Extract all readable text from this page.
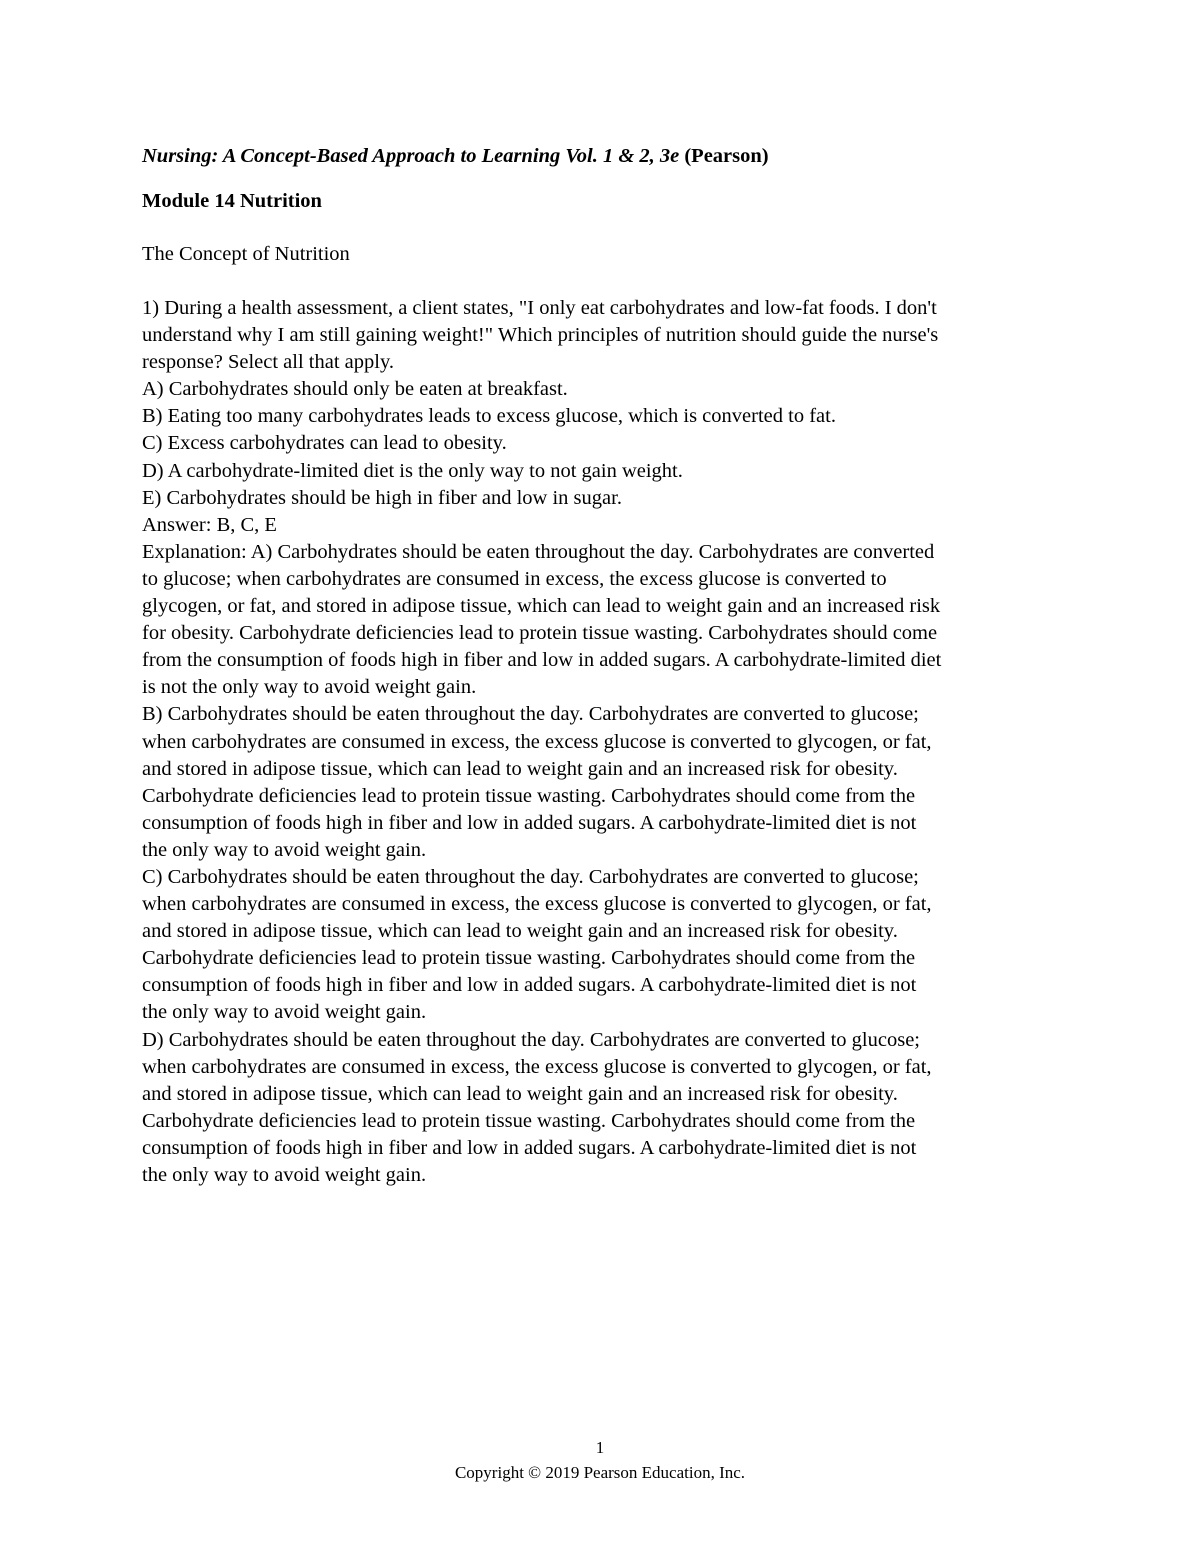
Nursing: A Concept-Based Approach to Learning Vol. 1 & 2, 3e (Pearson)
Module 14 Nutrition
The Concept of Nutrition
1) During a health assessment, a client states, "I only eat carbohydrates and low-fat foods. I don't
understand why I am still gaining weight!" Which principles of nutrition should guide the nurse's
response? Select all that apply.
A) Carbohydrates should only be eaten at breakfast.
B) Eating too many carbohydrates leads to excess glucose, which is converted to fat.
C) Excess carbohydrates can lead to obesity.
D) A carbohydrate-limited diet is the only way to not gain weight.
E) Carbohydrates should be high in fiber and low in sugar.
Answer: B, C, E
Explanation: A) Carbohydrates should be eaten throughout the day. Carbohydrates are converted
to glucose; when carbohydrates are consumed in excess, the excess glucose is converted to
glycogen, or fat, and stored in adipose tissue, which can lead to weight gain and an increased risk
for obesity. Carbohydrate deficiencies lead to protein tissue wasting. Carbohydrates should come
from the consumption of foods high in fiber and low in added sugars. A carbohydrate-limited diet
is not the only way to avoid weight gain.
B) Carbohydrates should be eaten throughout the day. Carbohydrates are converted to glucose;
when carbohydrates are consumed in excess, the excess glucose is converted to glycogen, or fat,
and stored in adipose tissue, which can lead to weight gain and an increased risk for obesity.
Carbohydrate deficiencies lead to protein tissue wasting. Carbohydrates should come from the
consumption of foods high in fiber and low in added sugars. A carbohydrate-limited diet is not
the only way to avoid weight gain.
C) Carbohydrates should be eaten throughout the day. Carbohydrates are converted to glucose;
when carbohydrates are consumed in excess, the excess glucose is converted to glycogen, or fat,
and stored in adipose tissue, which can lead to weight gain and an increased risk for obesity.
Carbohydrate deficiencies lead to protein tissue wasting. Carbohydrates should come from the
consumption of foods high in fiber and low in added sugars. A carbohydrate-limited diet is not
the only way to avoid weight gain.
D) Carbohydrates should be eaten throughout the day. Carbohydrates are converted to glucose;
when carbohydrates are consumed in excess, the excess glucose is converted to glycogen, or fat,
and stored in adipose tissue, which can lead to weight gain and an increased risk for obesity.
Carbohydrate deficiencies lead to protein tissue wasting. Carbohydrates should come from the
consumption of foods high in fiber and low in added sugars. A carbohydrate-limited diet is not
the only way to avoid weight gain.
1
Copyright © 2019 Pearson Education, Inc.
